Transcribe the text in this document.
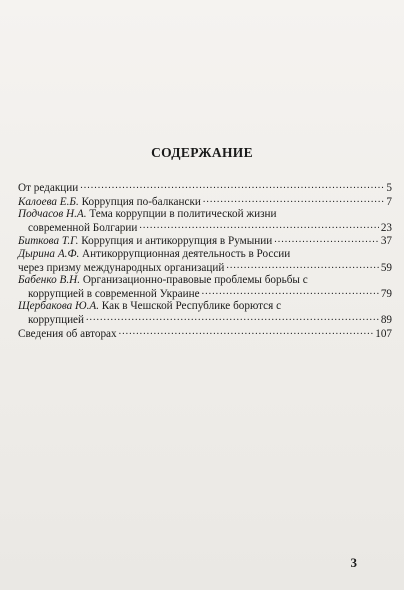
СОДЕРЖАНИЕ
От редакции .....	5
Калоева Е.Б.
Коррупция по-балкански .....	7
Подчасов Н.А.
Тема коррупции в политической жизни
современной Болгарии .....	23
Биткова Т.Г.
Коррупция и антикоррупция в Румынии .....	37
Дырина А.Ф.
Антикоррупционная деятельность в России
через призму международных организаций .....	59
Бабенко В.Н.
Организационно-правовые проблемы борьбы с
коррупцией в современной Украине .....	79
Щербакова Ю.А.
Как в Чешской Республике борются с
коррупцией .....	89
Сведения об авторах .....	107
3
